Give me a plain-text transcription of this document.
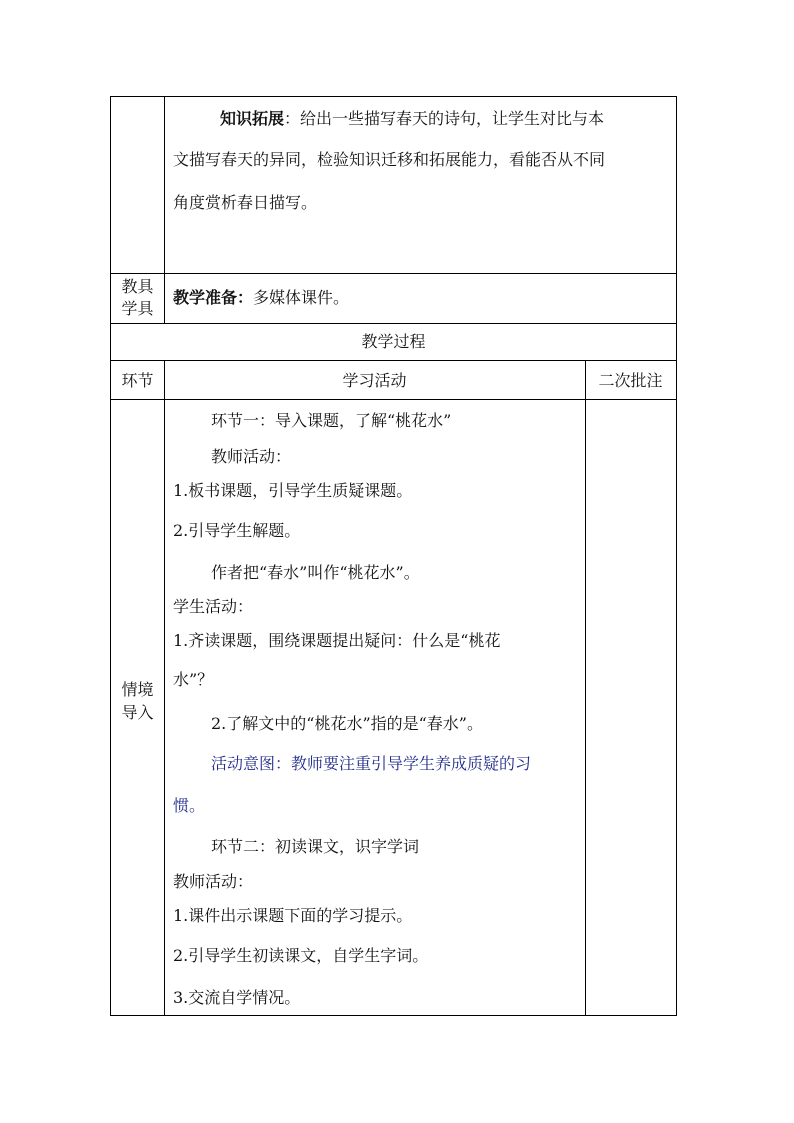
知识拓展：给出一些描写春天的诗句，让学生对比与本
文描写春天的异同，检验知识迁移和拓展能力，看能否从不同
角度赏析春日描写。
教具
学具
教学准备：多媒体课件。
教学过程
环节	学习活动	二次批注
情境
导入
环节一：导入课题，了解“桃花水”
教师活动：
1.板书课题，引导学生质疑课题。
2.引导学生解题。
作者把“春水”叫作“桃花水”。
学生活动：
1.齐读课题，围绕课题提出疑问：什么是“桃花
水”？
2.了解文中的“桃花水”指的是“春水”。
活动意图：教师要注重引导学生养成质疑的习
惯。
环节二：初读课文，识字学词
教师活动：
1.课件出示课题下面的学习提示。
2.引导学生初读课文，自学生字词。
3.交流自学情况。
